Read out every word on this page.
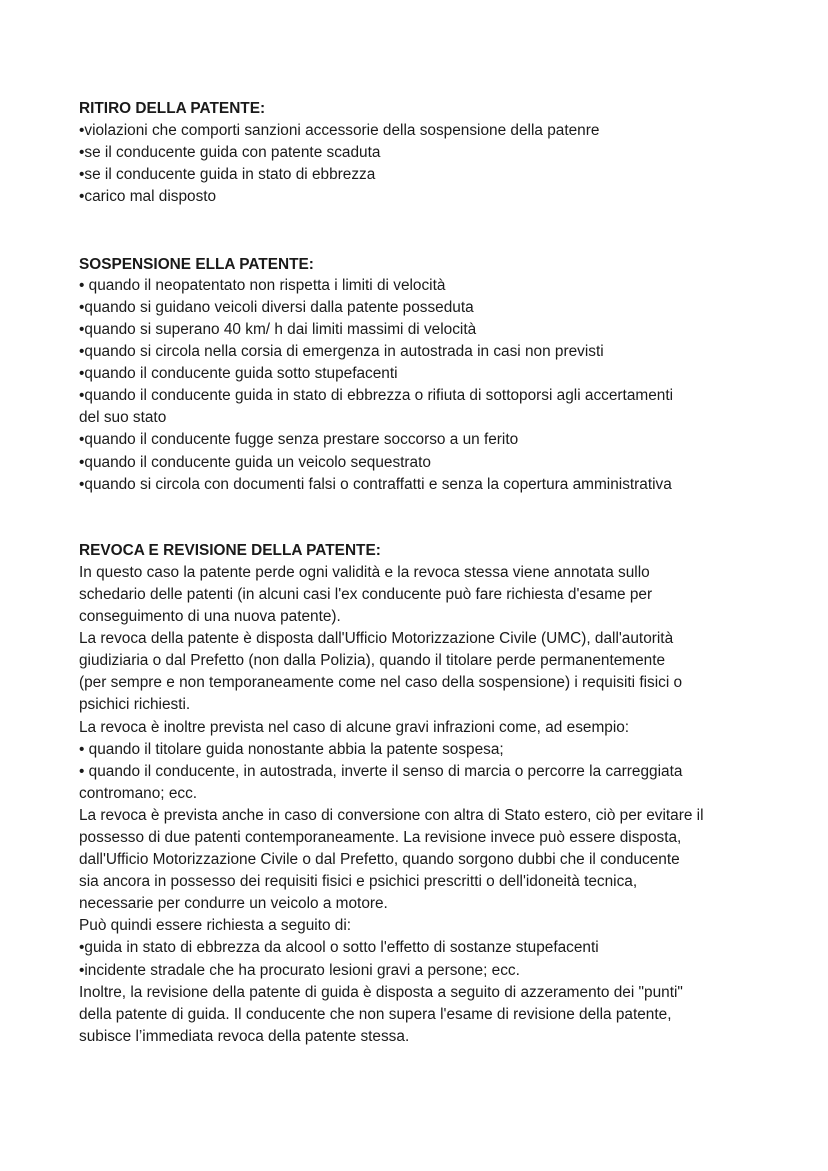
RITIRO DELLA PATENTE:
•violazioni che comporti sanzioni accessorie della sospensione della patenre
•se il conducente guida con patente scaduta
•se il conducente guida in stato di ebbrezza
•carico mal disposto
SOSPENSIONE ELLA PATENTE:
• quando il neopatentato non rispetta i limiti di velocità
•quando si guidano veicoli diversi dalla patente posseduta
•quando si superano 40 km/ h dai limiti massimi di velocità
•quando si circola nella corsia di emergenza in autostrada in casi non previsti
•quando il conducente guida sotto stupefacenti
•quando il conducente guida in stato di ebbrezza o rifiuta di sottoporsi agli accertamenti
del suo stato
•quando il conducente fugge senza prestare soccorso a un ferito
•quando il conducente guida un veicolo sequestrato
•quando si circola con documenti falsi o contraffatti e senza la copertura amministrativa
REVOCA E REVISIONE DELLA PATENTE:
In questo caso la patente perde ogni validità e la revoca stessa viene annotata sullo
schedario delle patenti (in alcuni casi l'ex conducente può fare richiesta d'esame per
conseguimento di una nuova patente).
La revoca della patente è disposta dall'Ufficio Motorizzazione Civile (UMC), dall'autorità
giudiziaria o dal Prefetto (non dalla Polizia), quando il titolare perde permanentemente
(per sempre e non temporaneamente come nel caso della sospensione) i requisiti fisici o
psichici richiesti.
La revoca è inoltre prevista nel caso di alcune gravi infrazioni come, ad esempio:
• quando il titolare guida nonostante abbia la patente sospesa;
• quando il conducente, in autostrada, inverte il senso di marcia o percorre la carreggiata
contromano; ecc.
La revoca è prevista anche in caso di conversione con altra di Stato estero, ciò per evitare il
possesso di due patenti contemporaneamente. La revisione invece può essere disposta,
dall'Ufficio Motorizzazione Civile o dal Prefetto, quando sorgono dubbi che il conducente
sia ancora in possesso dei requisiti fisici e psichici prescritti o dell'idoneità tecnica,
necessarie per condurre un veicolo a motore.
Può quindi essere richiesta a seguito di:
•guida in stato di ebbrezza da alcool o sotto l'effetto di sostanze stupefacenti
•incidente stradale che ha procurato lesioni gravi a persone; ecc.
Inoltre, la revisione della patente di guida è disposta a seguito di azzeramento dei "punti"
della patente di guida. Il conducente che non supera l'esame di revisione della patente,
subisce l’immediata revoca della patente stessa.
